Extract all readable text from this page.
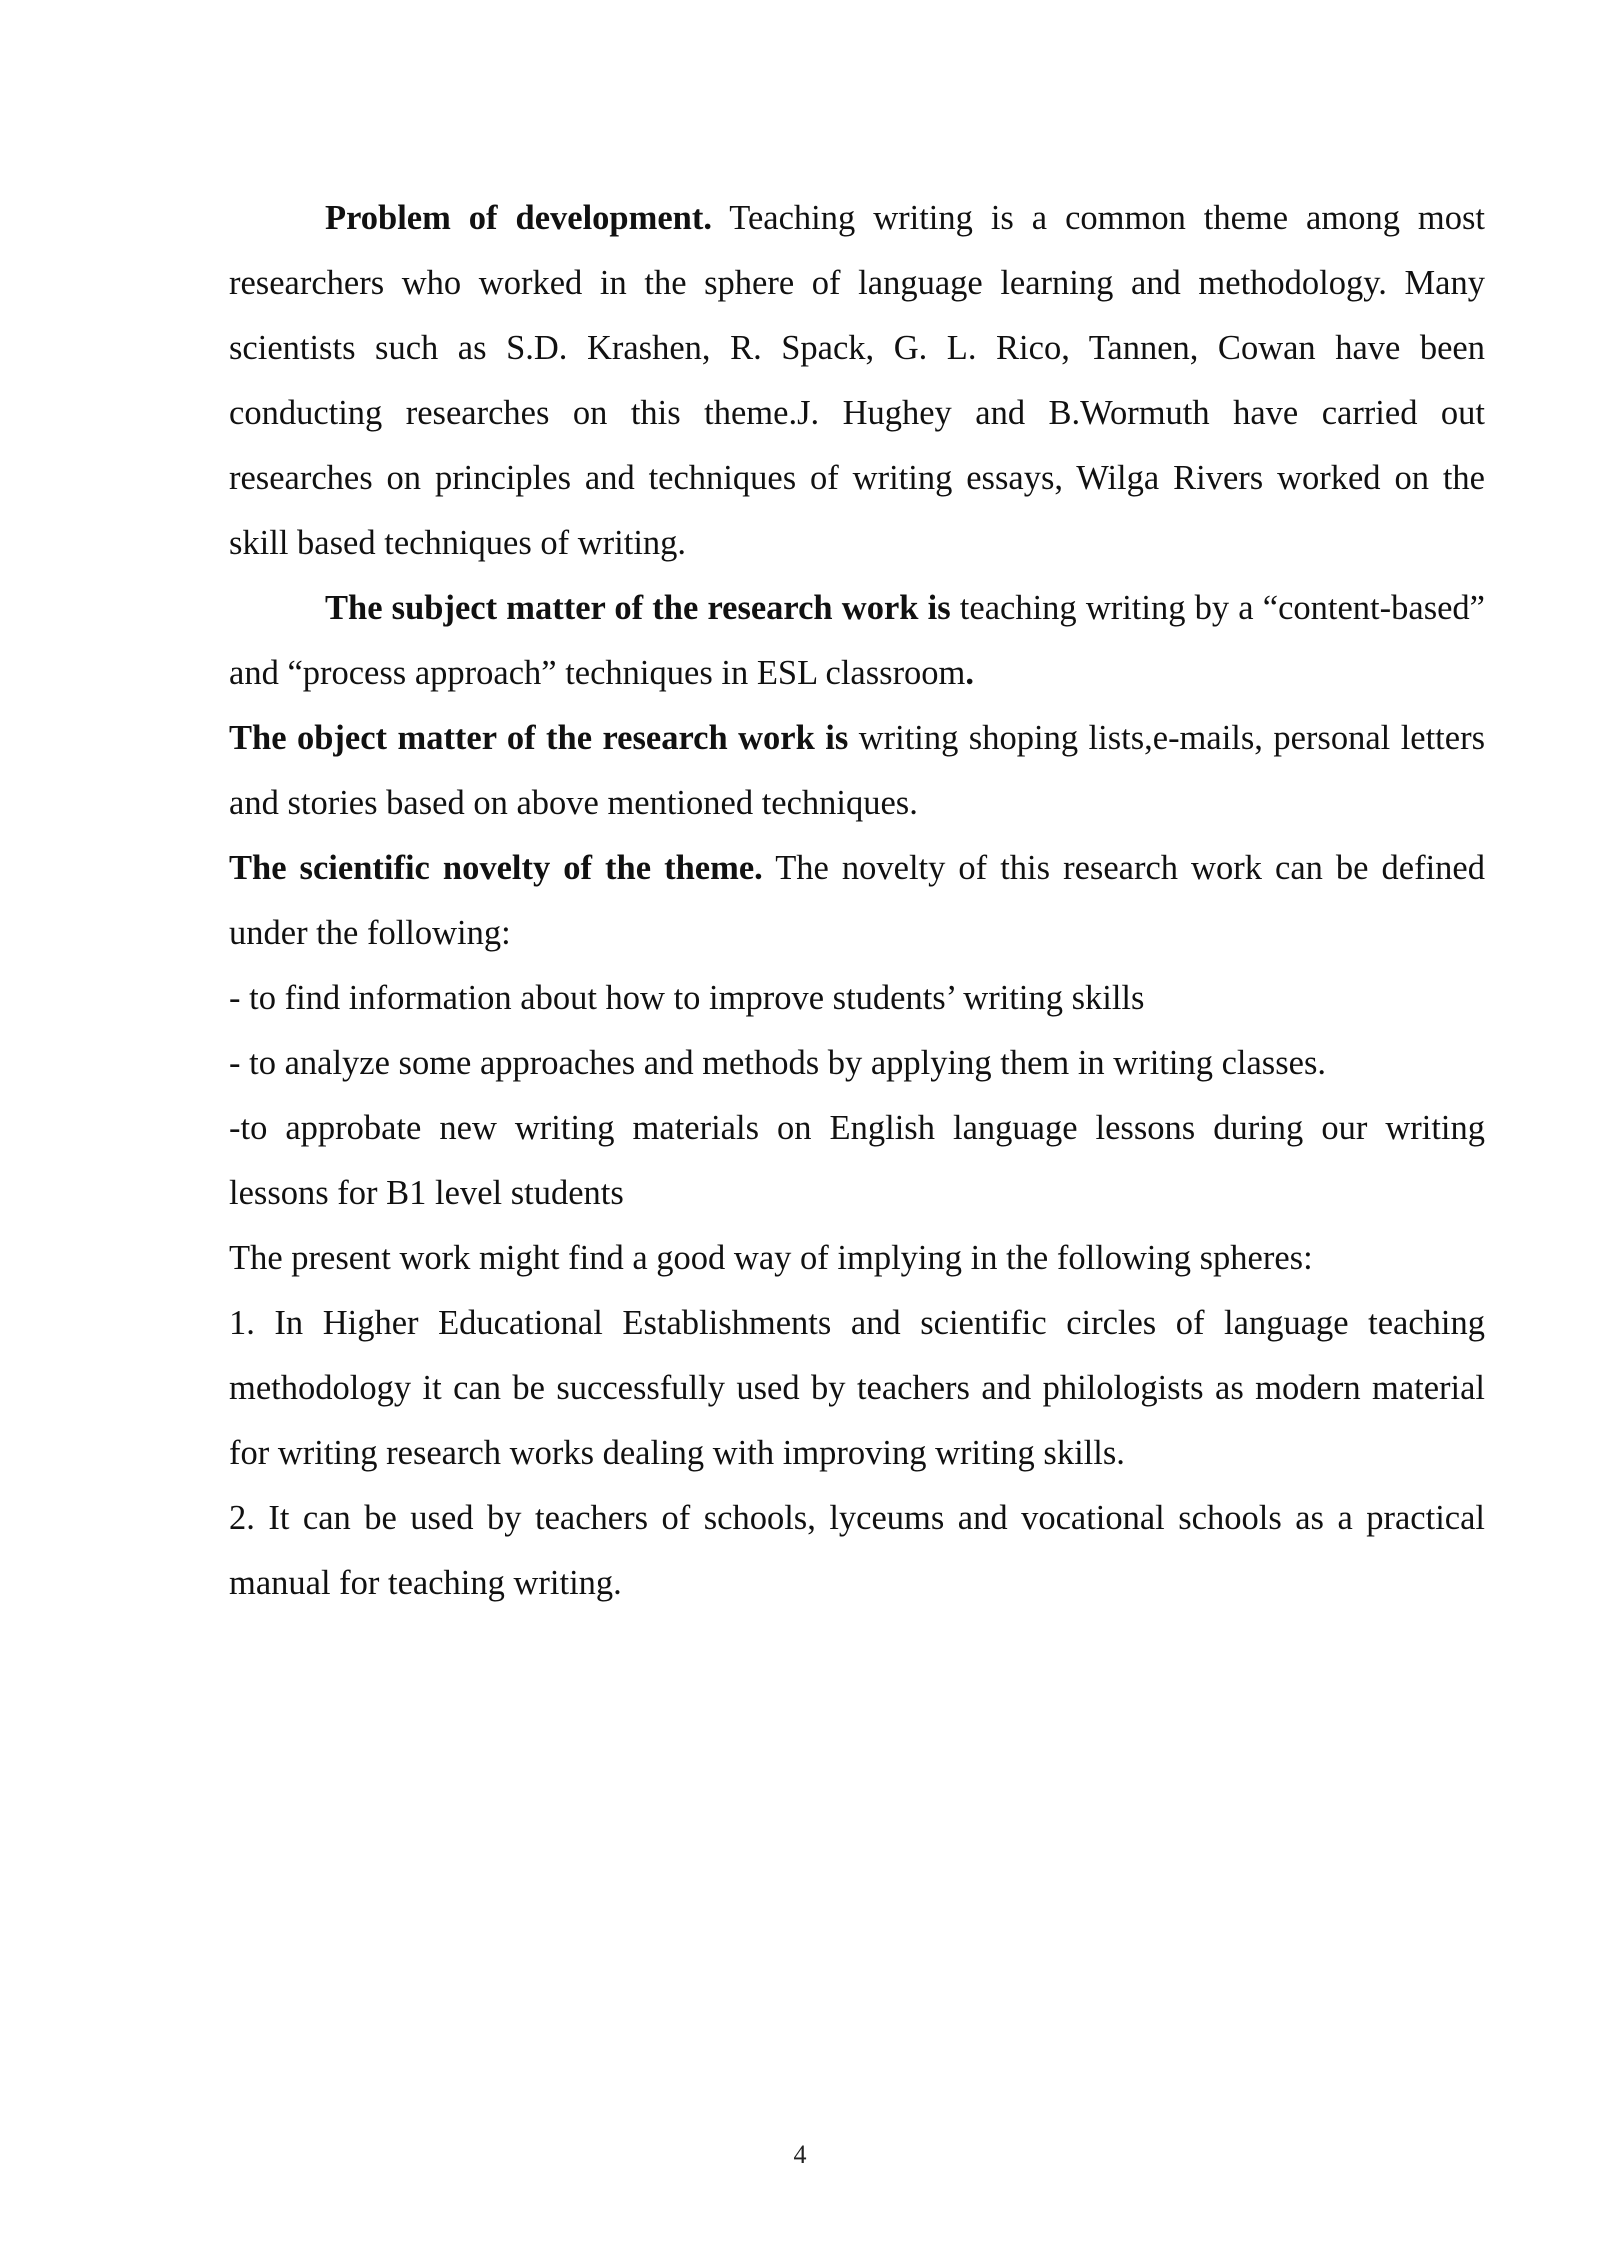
Problem of development. Teaching writing is a common theme among most researchers who worked in the sphere of language learning and methodology. Many scientists such as S.D. Krashen, R. Spack, G. L. Rico, Tannen, Cowan have been conducting researches on this theme.J. Hughey and B.Wormuth have carried out researches on principles and techniques of writing essays, Wilga Rivers worked on the skill based techniques of writing.

The subject matter of the research work is teaching writing by a “content-based” and “process approach” techniques in ESL classroom.

The object matter of the research work is writing shoping lists,e-mails, personal letters and stories based on above mentioned techniques.

The scientific novelty of the theme. The novelty of this research work can be defined under the following:

- to find information about how to improve students’ writing skills

- to analyze some approaches and methods by applying them in writing classes.

-to approbate new writing materials on English language lessons during our writing lessons for B1 level students

The present work might find a good way of implying in the following spheres:

1. In Higher Educational Establishments and scientific circles of language teaching methodology it can be successfully used by teachers and philologists as modern material for writing research works dealing with improving writing skills.

2. It can be used by teachers of schools, lyceums and vocational schools as a practical manual for teaching writing.

4
